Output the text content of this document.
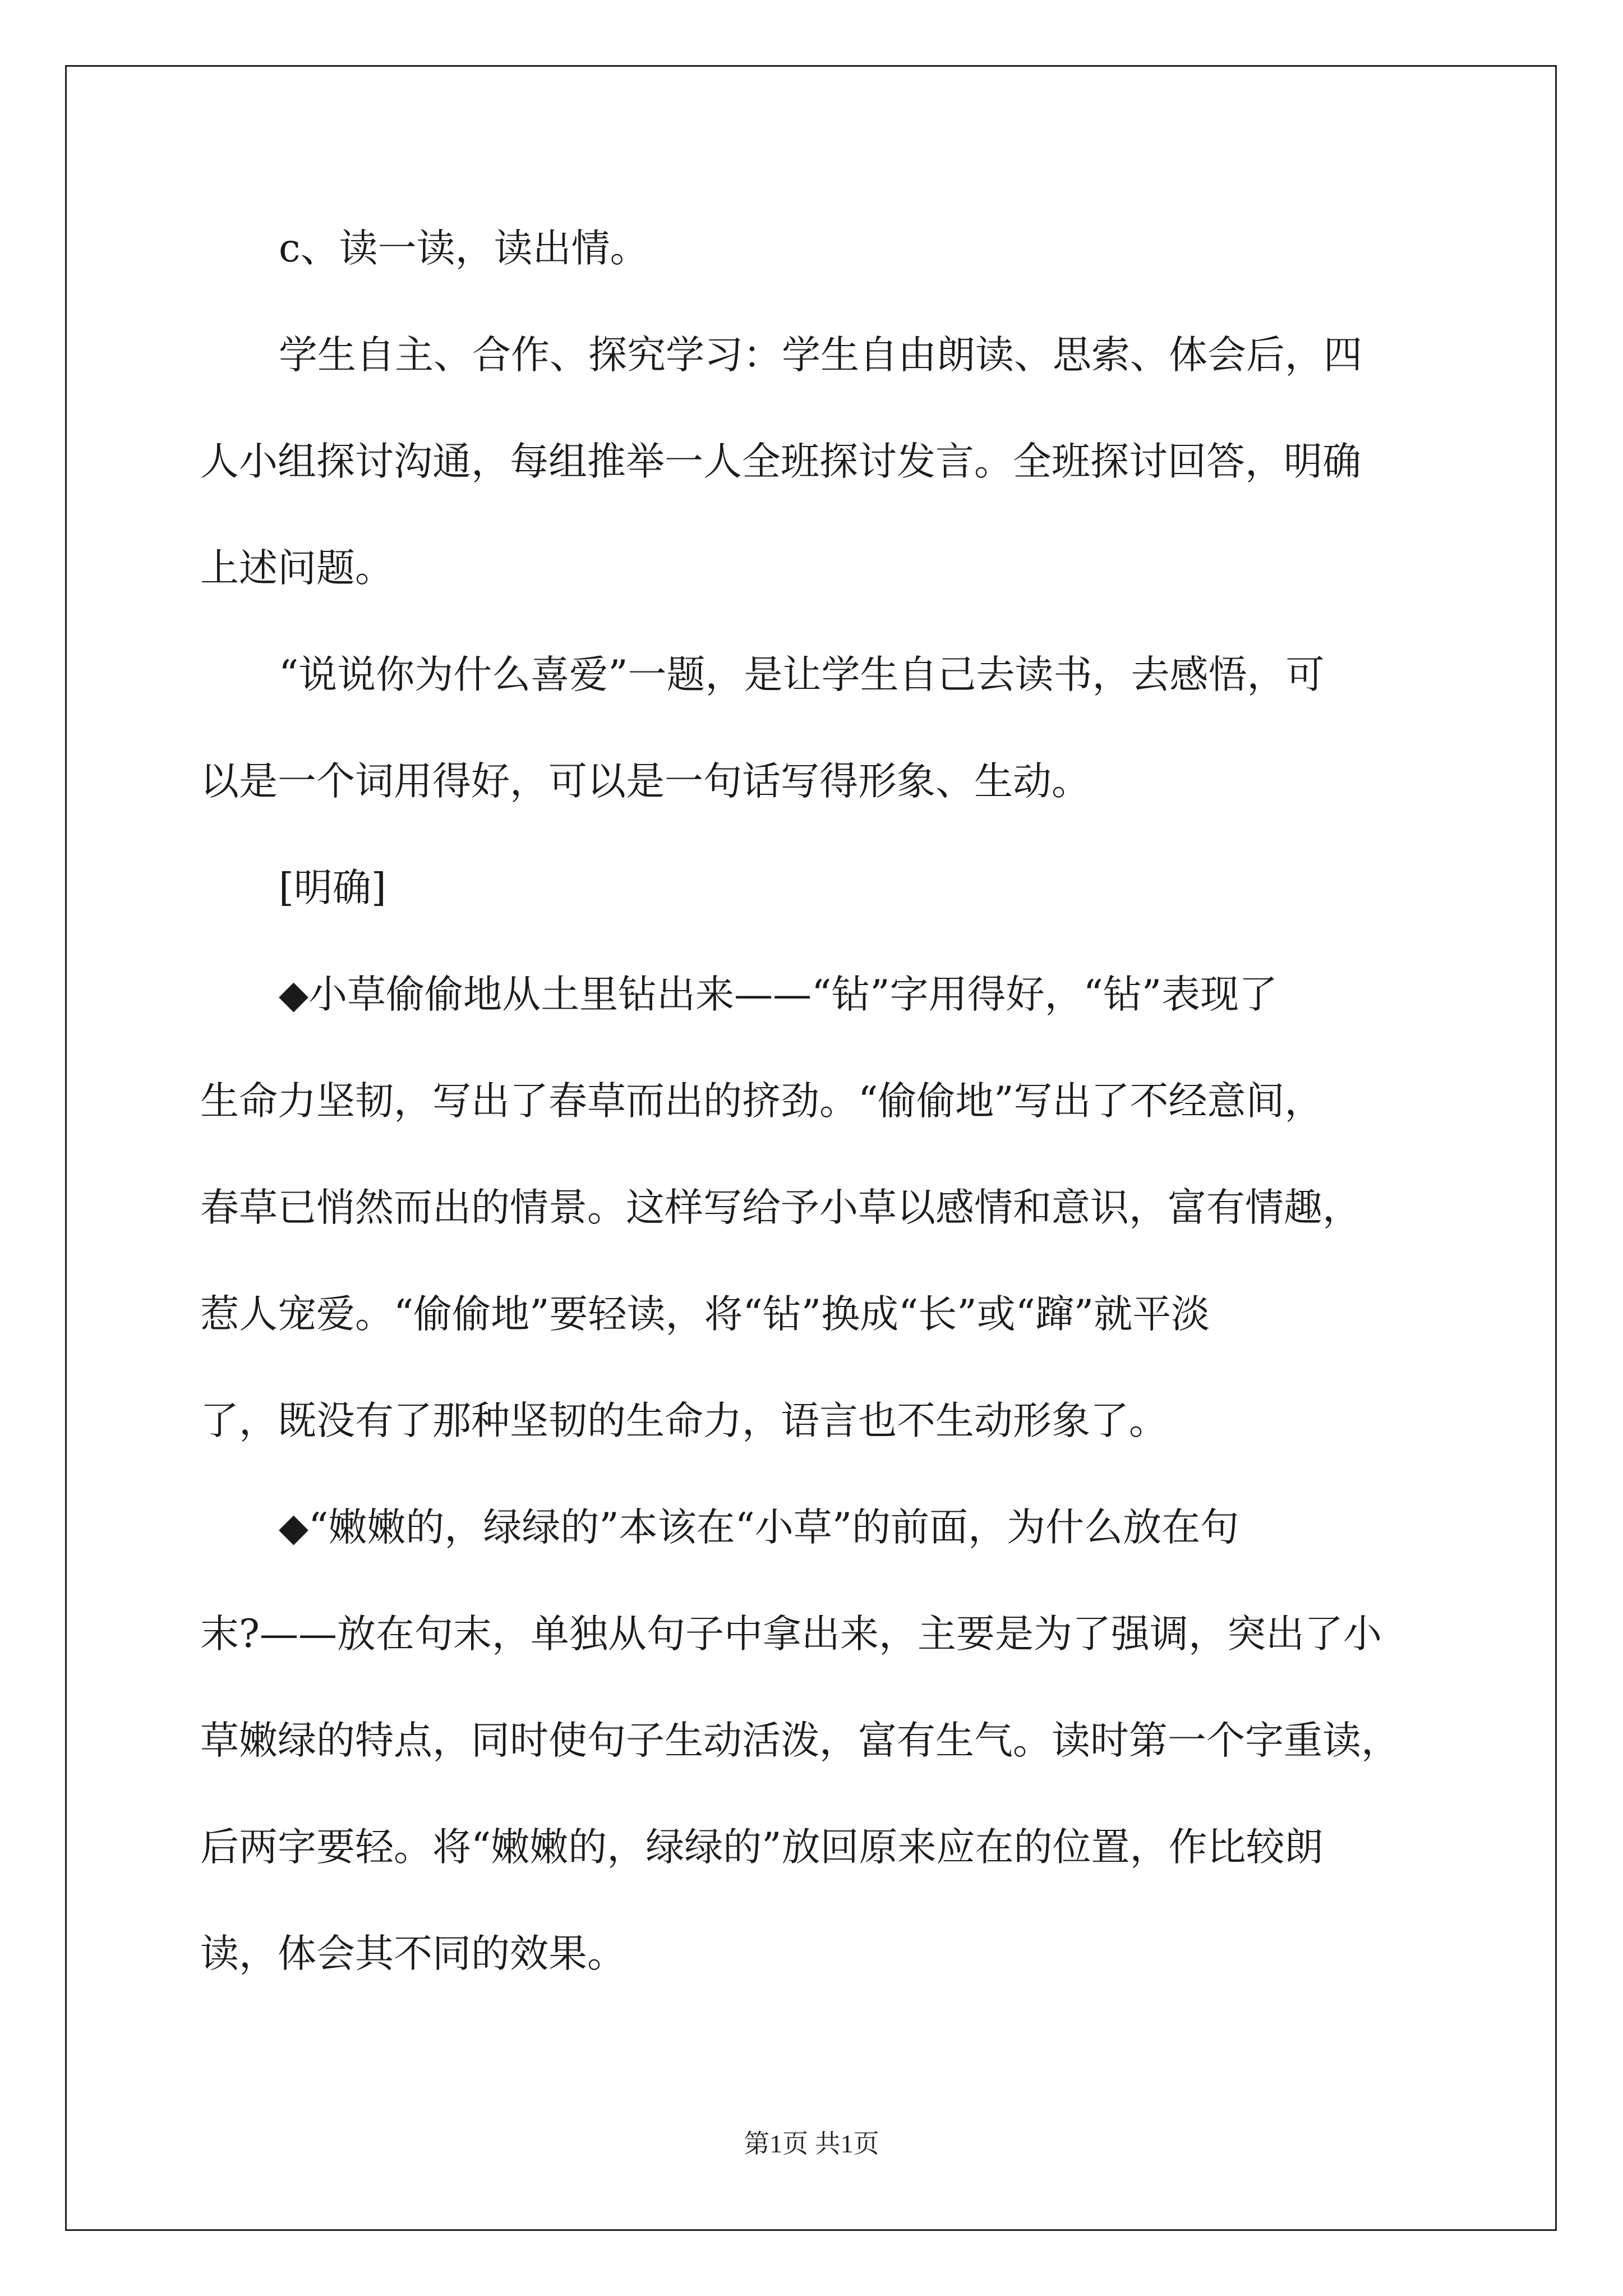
c、读一读，读出情。
学生自主、合作、探究学习：学生自由朗读、思索、体会后，四
人小组探讨沟通，每组推举一人全班探讨发言。全班探讨回答，明确
上述问题。
“说说你为什么喜爱”一题，是让学生自己去读书，去感悟，可
以是一个词用得好，可以是一句话写得形象、生动。
[明确]
◆小草偷偷地从土里钻出来——“钻”字用得好，“钻”表现了
生命力坚韧，写出了春草而出的挤劲。“偷偷地”写出了不经意间，
春草已悄然而出的情景。这样写给予小草以感情和意识，富有情趣，
惹人宠爱。“偷偷地”要轻读，将“钻”换成“长”或“蹿”就平淡
了，既没有了那种坚韧的生命力，语言也不生动形象了。
◆“嫩嫩的，绿绿的”本该在“小草”的前面，为什么放在句
末?——放在句末，单独从句子中拿出来，主要是为了强调，突出了小
草嫩绿的特点，同时使句子生动活泼，富有生气。读时第一个字重读，
后两字要轻。将“嫩嫩的，绿绿的”放回原来应在的位置，作比较朗
读，体会其不同的效果。
第1页 共1页
